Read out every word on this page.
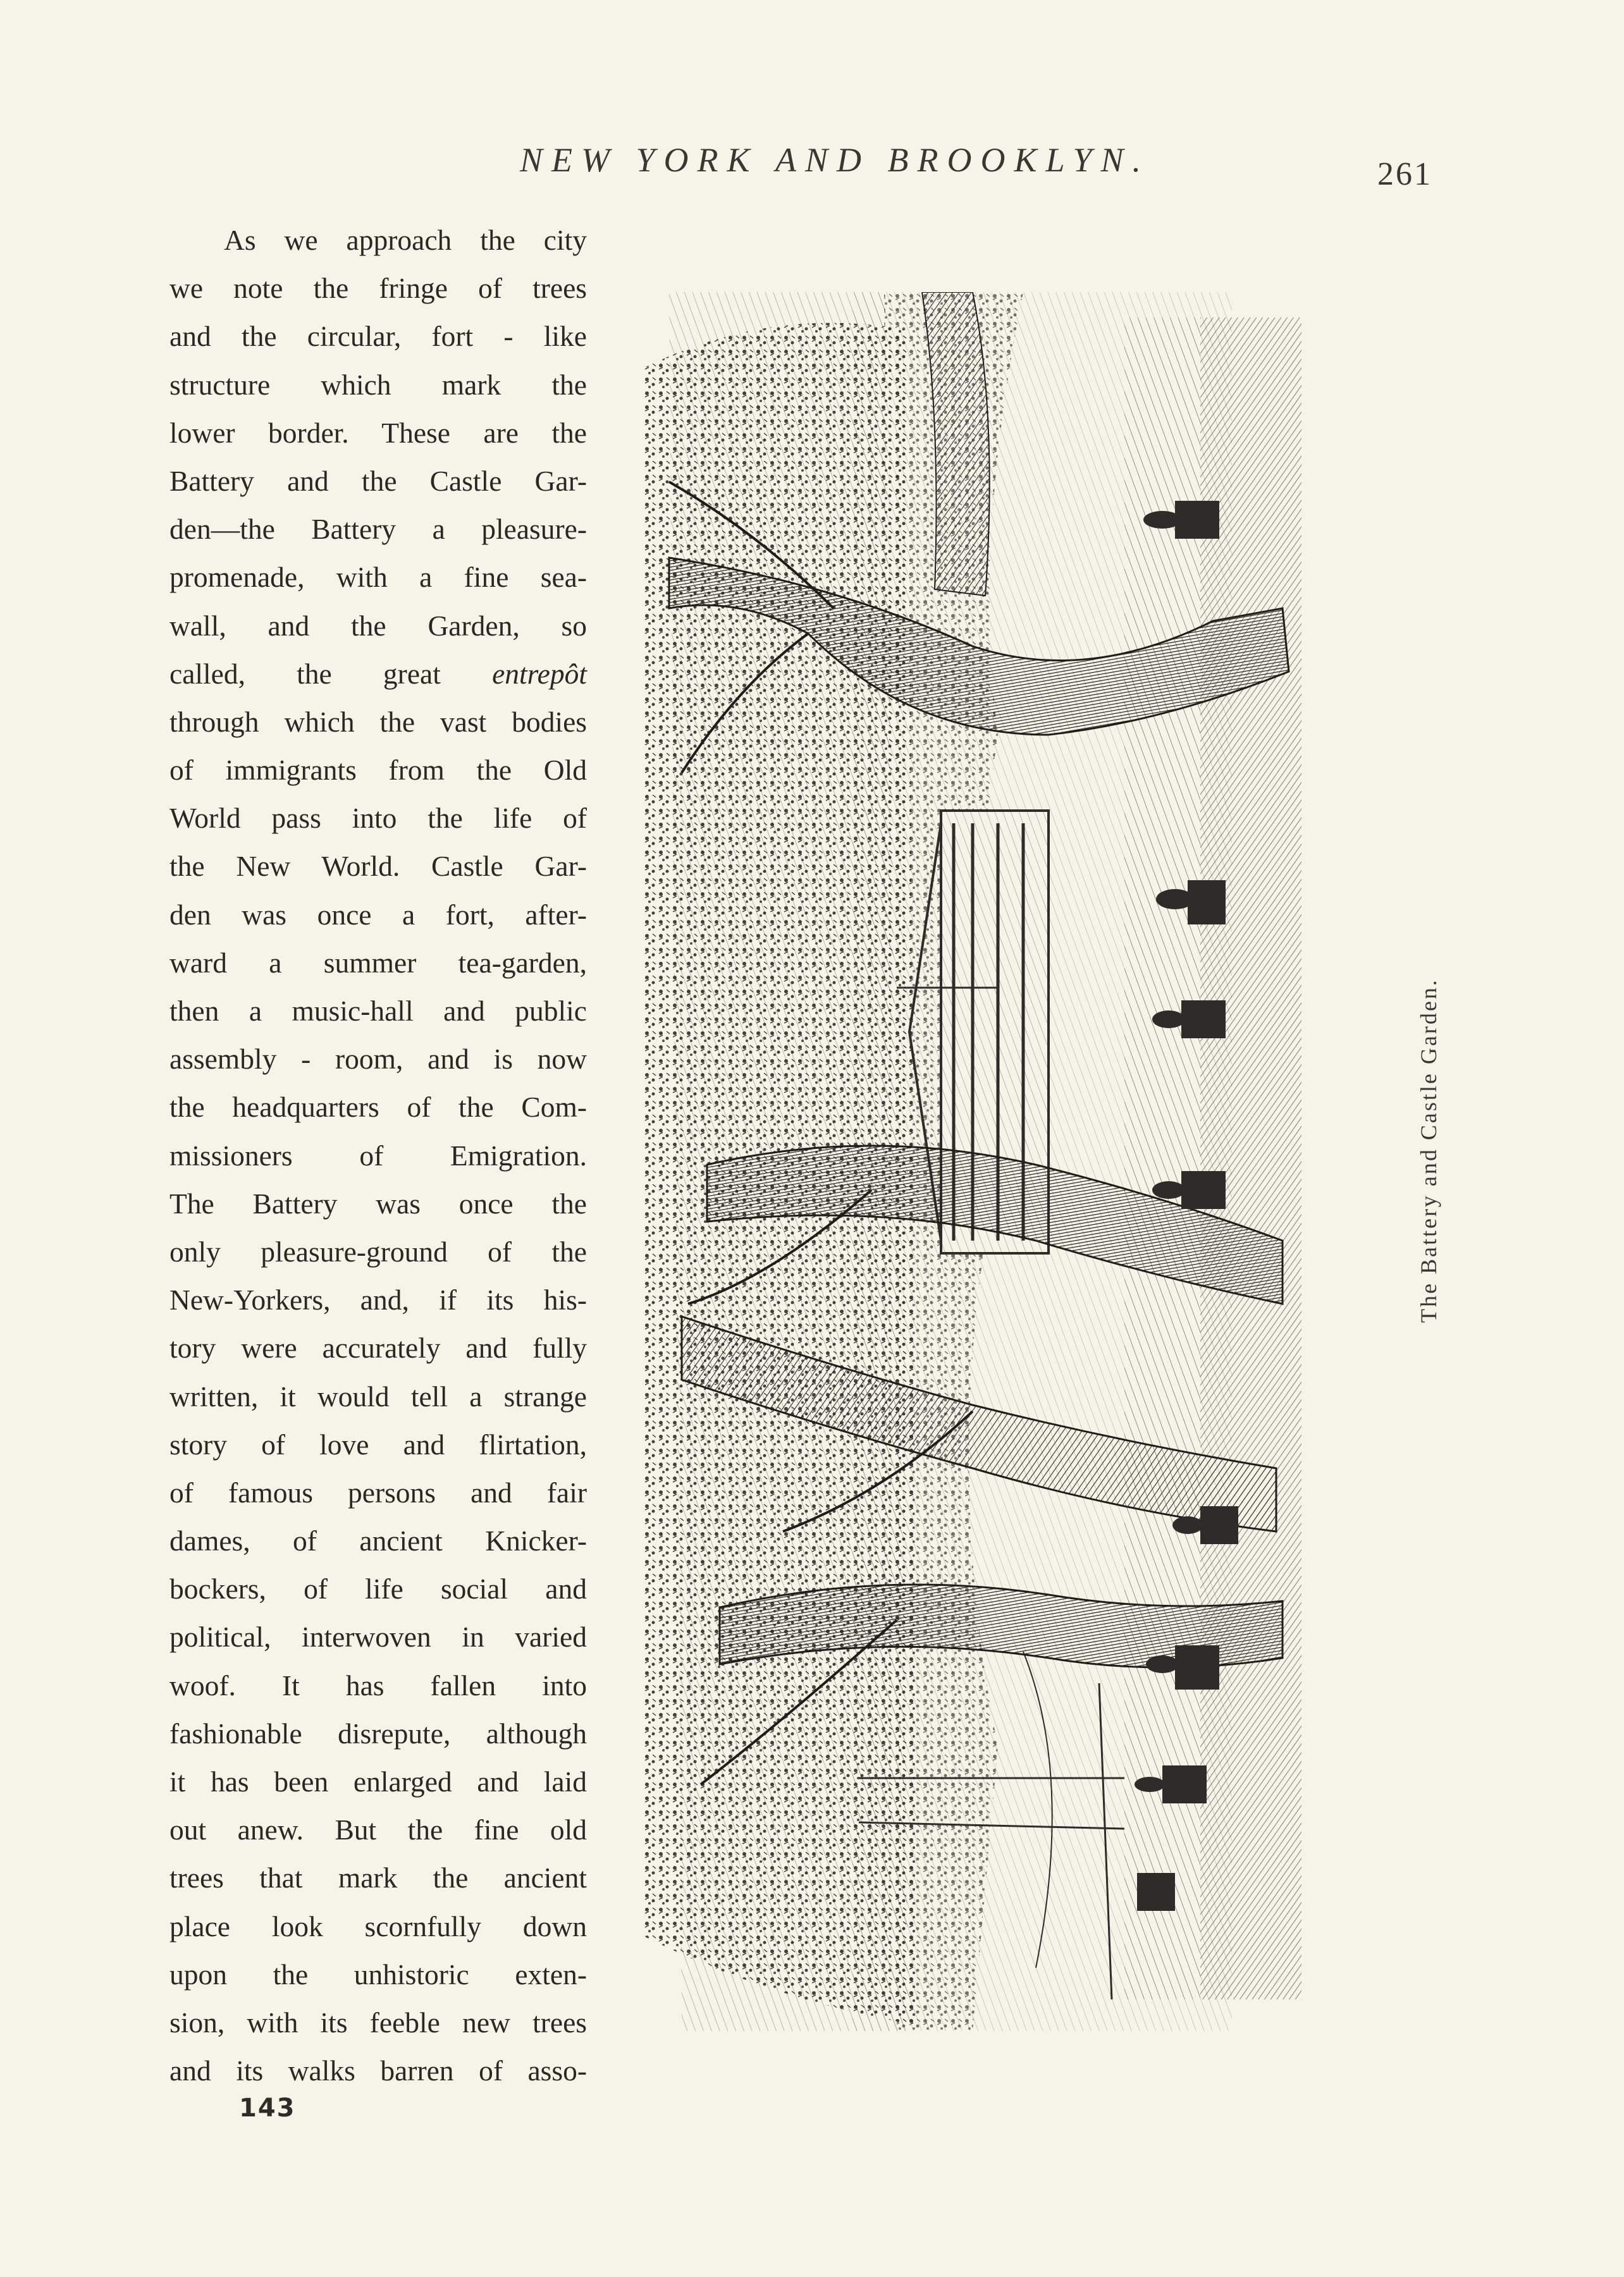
NEW YORK AND BROOKLYN.	261
As we approach the city
we note the fringe of trees
and the circular, fort - like
structure which mark the
lower border. These are the
Battery and the Castle Gar-
den—the Battery a pleasure-
promenade, with a fine sea-
wall, and the Garden, so
called, the great entrepôt
through which the vast bodies
of immigrants from the Old
World pass into the life of
the New World. Castle Gar-
den was once a fort, after-
ward a summer tea-garden,
then a music-hall and public
assembly - room, and is now
the headquarters of the Com-
missioners of Emigration.
The Battery was once the
only pleasure-ground of the
New-Yorkers, and, if its his-
tory were accurately and fully
written, it would tell a strange
story of love and flirtation,
of famous persons and fair
dames, of ancient Knicker-
bockers, of life social and
political, interwoven in varied
woof. It has fallen into
fashionable disrepute, although
it has been enlarged and laid
out anew. But the fine old
trees that mark the ancient
place look scornfully down
upon the unhistoric exten-
sion, with its feeble new trees
and its walks barren of asso-
143
The Battery and Castle Garden.
